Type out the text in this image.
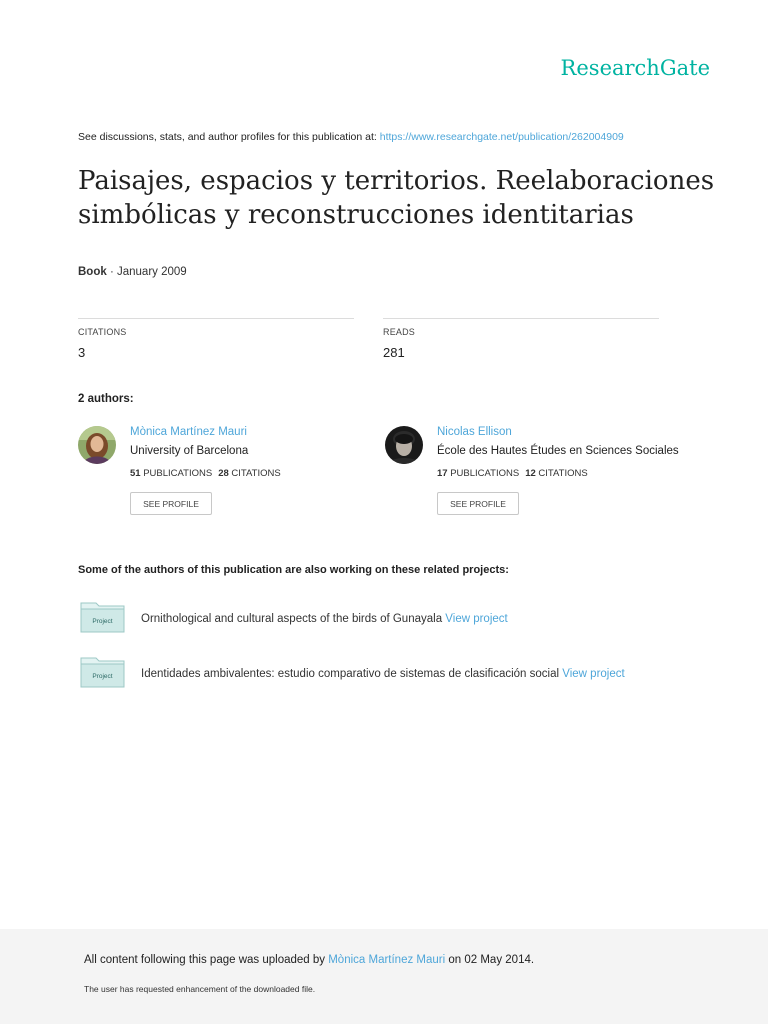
ResearchGate
See discussions, stats, and author profiles for this publication at: https://www.researchgate.net/publication/262004909
Paisajes, espacios y territorios. Reelaboraciones simbólicas y reconstrucciones identitarias
Book · January 2009
CITATIONS
3
READS
281
2 authors:
Mònica Martínez Mauri
University of Barcelona
51 PUBLICATIONS 28 CITATIONS
SEE PROFILE
Nicolas Ellison
École des Hautes Études en Sciences Sociales
17 PUBLICATIONS 12 CITATIONS
SEE PROFILE
Some of the authors of this publication are also working on these related projects:
Project Ornithological and cultural aspects of the birds of Gunayala View project
Project Identidades ambivalentes: estudio comparativo de sistemas de clasificación social View project
All content following this page was uploaded by Mònica Martínez Mauri on 02 May 2014.
The user has requested enhancement of the downloaded file.
